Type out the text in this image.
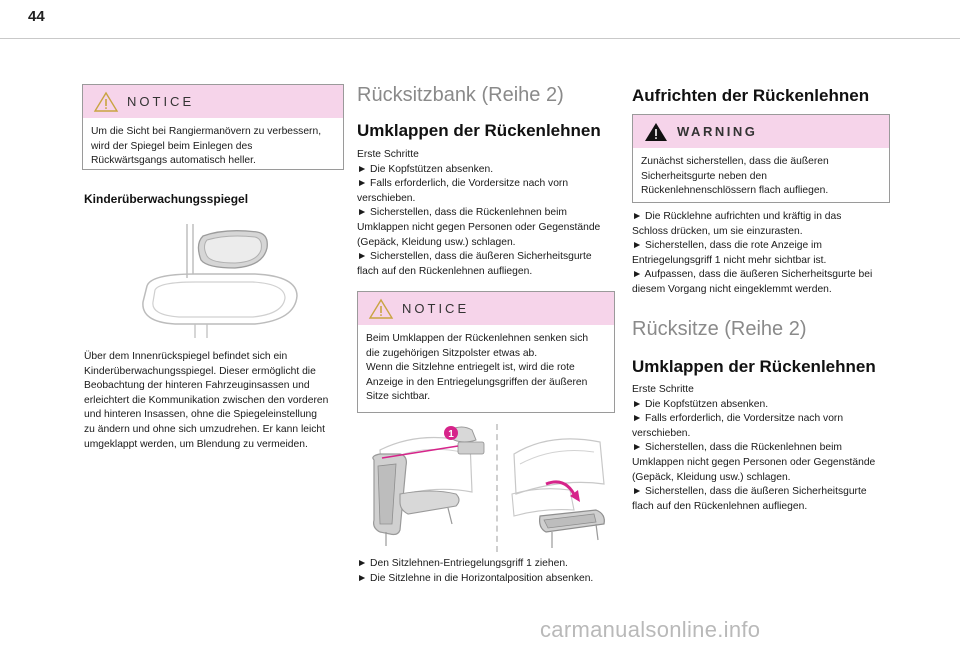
44
NOTICE
Um die Sicht bei Rangiermanövern zu verbessern,
wird der Spiegel beim Einlegen des
Rückwärtsgangs automatisch heller.
Kinderüberwachungsspiegel
Über dem Innenrückspiegel befindet sich ein
Kinderüberwachungsspiegel. Dieser ermöglicht die
Beobachtung der hinteren Fahrzeuginsassen und
erleichtert die Kommunikation zwischen den vorderen
und hinteren Insassen, ohne die Spiegeleinstellung
zu ändern und ohne sich umzudrehen. Er kann leicht
umgeklappt werden, um Blendung zu vermeiden.
Rücksitzbank (Reihe 2)
Umklappen der Rückenlehnen
Erste Schritte
► Die Kopfstützen absenken.
► Falls erforderlich, die Vordersitze nach vorn
verschieben.
► Sicherstellen, dass die Rückenlehnen beim
Umklappen nicht gegen Personen oder Gegenstände
(Gepäck, Kleidung usw.) schlagen.
► Sicherstellen, dass die äußeren Sicherheitsgurte
flach auf den Rückenlehnen aufliegen.
NOTICE
Beim Umklappen der Rückenlehnen senken sich
die zugehörigen Sitzpolster etwas ab.
Wenn die Sitzlehne entriegelt ist, wird die rote
Anzeige in den Entriegelungsgriffen der äußeren
Sitze sichtbar.
1
► Den Sitzlehnen-Entriegelungsgriff 1 ziehen.
► Die Sitzlehne in die Horizontalposition absenken.
Aufrichten der Rückenlehnen
WARNING
Zunächst sicherstellen, dass die äußeren
Sicherheitsgurte neben den
Rückenlehnenschlössern flach aufliegen.
► Die Rücklehne aufrichten und kräftig in das
Schloss drücken, um sie einzurasten.
► Sicherstellen, dass die rote Anzeige im
Entriegelungsgriff 1 nicht mehr sichtbar ist.
► Aufpassen, dass die äußeren Sicherheitsgurte bei
diesem Vorgang nicht eingeklemmt werden.
Rücksitze (Reihe 2)
Umklappen der Rückenlehnen
Erste Schritte
► Die Kopfstützen absenken.
► Falls erforderlich, die Vordersitze nach vorn
verschieben.
► Sicherstellen, dass die Rückenlehnen beim
Umklappen nicht gegen Personen oder Gegenstände
(Gepäck, Kleidung usw.) schlagen.
► Sicherstellen, dass die äußeren Sicherheitsgurte
flach auf den Rückenlehnen aufliegen.
carmanualsonline.info
